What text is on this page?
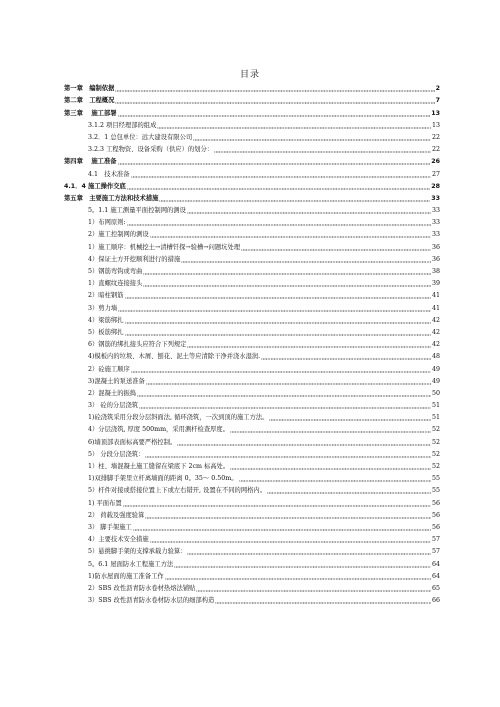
目录
第一章　编制依据	2
第二章　工程概况	7
第三章　 施工部署	13
3.1.2 项目经理部的组成	13
3.2．1 总包单位：远大建设有限公司	22
3.2.3 工程物资、设备采购（供应）的划分：	22
第四章　 施工准备	26
4.1　技术准备	27
4.1．4 施工操作交底	28
第五章　主要施工方法和技术措施	33
5。1.1 施工测量平面控制网的测设	33
1）布网原则:	33
2）施工控制网的测设	33
1）施工顺序：机械挖土→清槽钎探→验槽→问题坑处理	36
4）保证土方开挖顺利进行的措施	36
5）钢筋弯钩或弯曲	38
1）直螺纹连接接头	39
2）暗柱钢筋	41
3）剪力墙	41
4）梁筋绑扎	42
5）板筋绑扎	42
6）钢筋的绑扎接头应符合下列规定	42
4)模板内的垃圾、木屑、刨花、泥土等应清除干净并浇水湿润.	48
2）砼施工顺序	49
3)混凝土的泵送准备	49
2）混凝土的振捣	50
3） 砼的分层浇筑	51
1)砼浇筑采用分段分层斜面法, 循环浇筑，一次到顶的施工方法。	51
4）分层浇筑, 厚度 500mm，采用测杆检查厚度。	52
6)墙顶部表面标高要严格控制。	52
5） 分段分层浇筑：	52
1）柱、墙混凝土施工缝留在梁底下 2cm 标高处。	52
1)双排脚手架里立杆离墙面的距离 0。35～ 0.50m。	55
5）杆件对接或搭接位置上下或左右错开, 设置在不同的网格内。	55
1) 平面布置	56
2） 荷载及强度验算	56
3） 脚手架施工	56
4）主要技术安全措施	57
5）悬挑脚手架的支撑承载力验算：	57
5。6.1 屋面防水工程施工方法	64
1)防水屋面的施工准备工作	64
2）SBS 改性沥青防水卷材热熔法铺贴	65
3）SBS 改性沥青防水卷材防水层的细部构造	66
